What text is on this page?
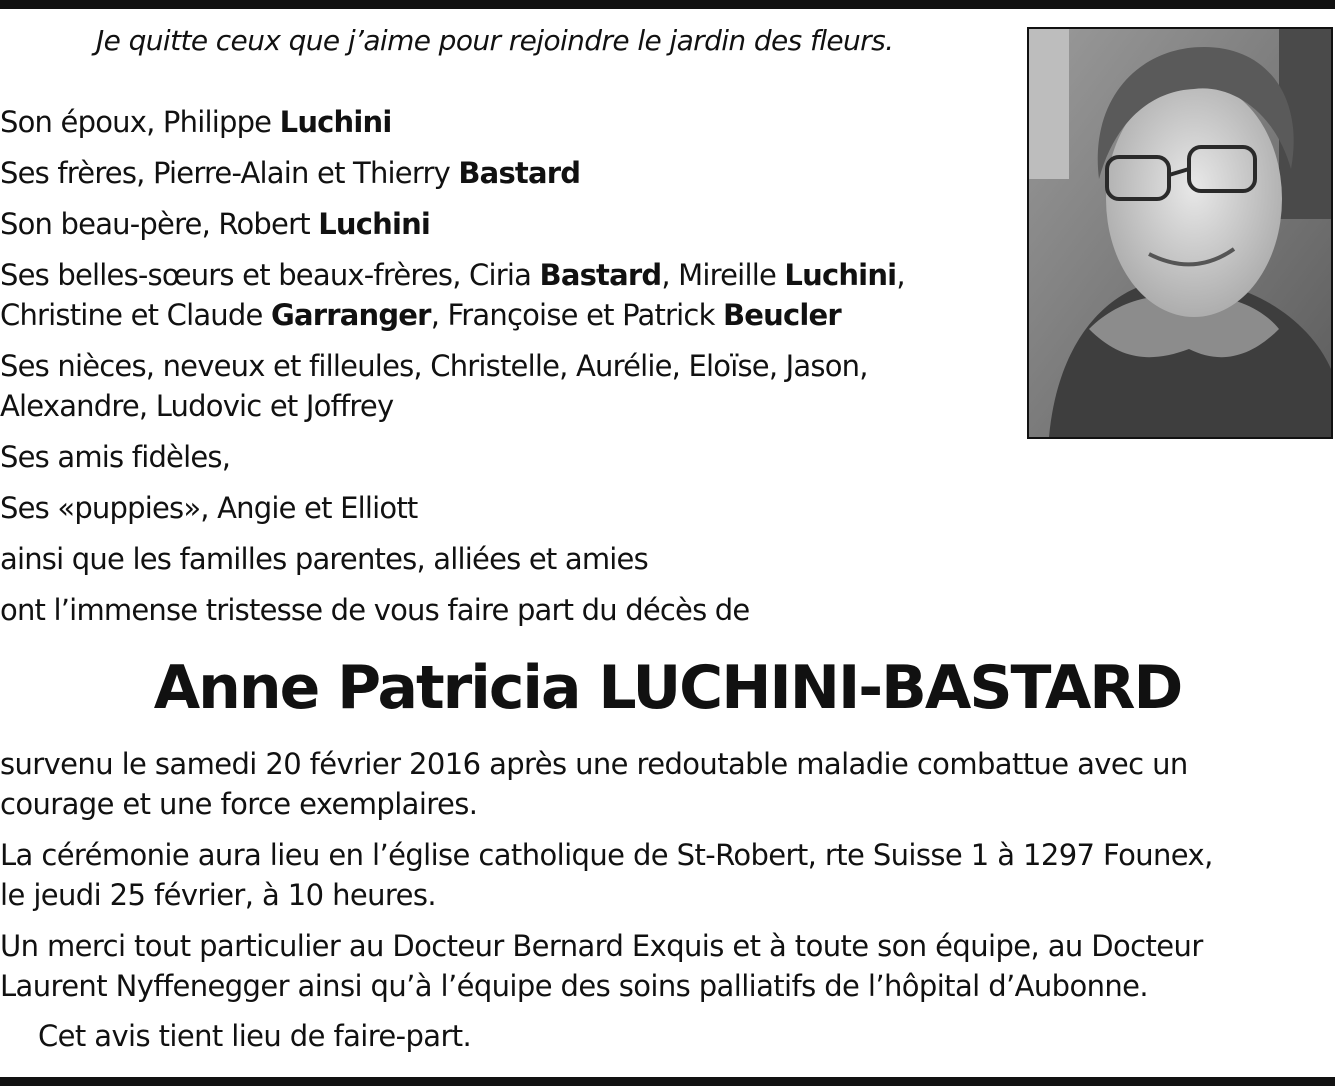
Je quitte ceux que j’aime pour rejoindre le jardin des fleurs.
Son époux, Philippe Luchini
Ses frères, Pierre-Alain et Thierry Bastard
Son beau-père, Robert Luchini
Ses belles-sœurs et beaux-frères, Ciria Bastard, Mireille Luchini,
Christine et Claude Garranger, Françoise et Patrick Beucler
Ses nièces, neveux et filleules, Christelle, Aurélie, Eloïse, Jason,
Alexandre, Ludovic et Joffrey
Ses amis fidèles,
Ses «puppies», Angie et Elliott
ainsi que les familles parentes, alliées et amies
ont l’immense tristesse de vous faire part du décès de
Anne Patricia LUCHINI-BASTARD

survenu le samedi 20 février 2016 après une redoutable maladie combattue avec un
courage et une force exemplaires.

La cérémonie aura lieu en l’église catholique de St-Robert, rte Suisse 1 à 1297 Founex,
le jeudi 25 février, à 10 heures.

Un merci tout particulier au Docteur Bernard Exquis et à toute son équipe, au Docteur
Laurent Nyffenegger ainsi qu’à l’équipe des soins palliatifs de l’hôpital d’Aubonne.

Cet avis tient lieu de faire-part.
